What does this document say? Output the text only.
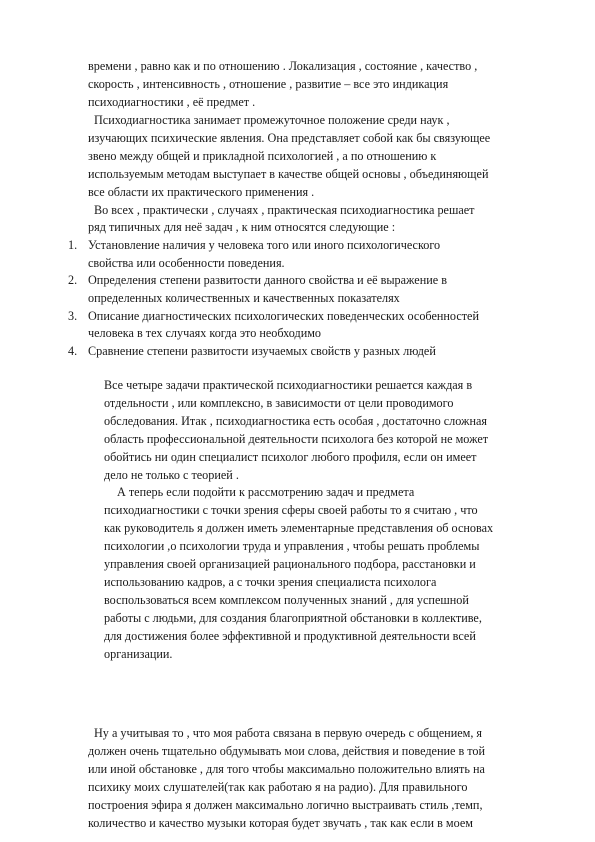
времени , равно как и по отношению . Локализация , состояние , качество ,
скорость , интенсивность , отношение , развитие – все это индикация
психодиагностики , её предмет .
Психодиагностика занимает промежуточное положение среди наук ,
изучающих психические явления. Она представляет собой как бы связующее
звено между общей и прикладной психологией , а по отношению к
используемым методам выступает в качестве общей основы , объединяющей
все области их практического применения .
Во всех , практически , случаях , практическая психодиагностика решает
ряд типичных для неё задач , к ним относятся следующие :
1. Установление наличия у человека того или иного психологического
свойства или особенности поведения.
2. Определения степени развитости данного свойства и её выражение в
определенных количественных и качественных показателях
3. Описание диагностических психологических поведенческих особенностей
человека в тех случаях когда это необходимо
4. Сравнение степени развитости изучаемых свойств у разных людей
Все четыре задачи практической психодиагностики решается каждая в
отдельности , или комплексно, в зависимости от цели проводимого
обследования. Итак , психодиагностика есть особая , достаточно сложная
область профессиональной деятельности психолога без которой не может
обойтись ни один специалист психолог любого профиля, если он имеет
дело не только с теорией .
А теперь если подойти к рассмотрению задач и предмета
психодиагностики с точки зрения сферы своей работы то я считаю , что
как руководитель я должен иметь элементарные представления об основах
психологии ,о психологии труда и управления , чтобы решать проблемы
управления своей организацией рационального подбора, расстановки и
использованию кадров, а с точки зрения специалиста психолога
воспользоваться всем комплексом полученных знаний , для успешной
работы с людьми, для создания благоприятной обстановки в коллективе,
для достижения более эффективной и продуктивной деятельности всей
организации.
Ну а учитывая то , что моя работа связана в первую очередь с общением, я
должен очень тщательно обдумывать мои слова, действия и поведение в той
или иной обстановке , для того чтобы максимально положительно влиять на
психику моих слушателей(так как работаю я на радио). Для правильного
построения эфира я должен максимально логично выстраивать стиль ,темп,
количество и качество музыки которая будет звучать , так как если в моем
